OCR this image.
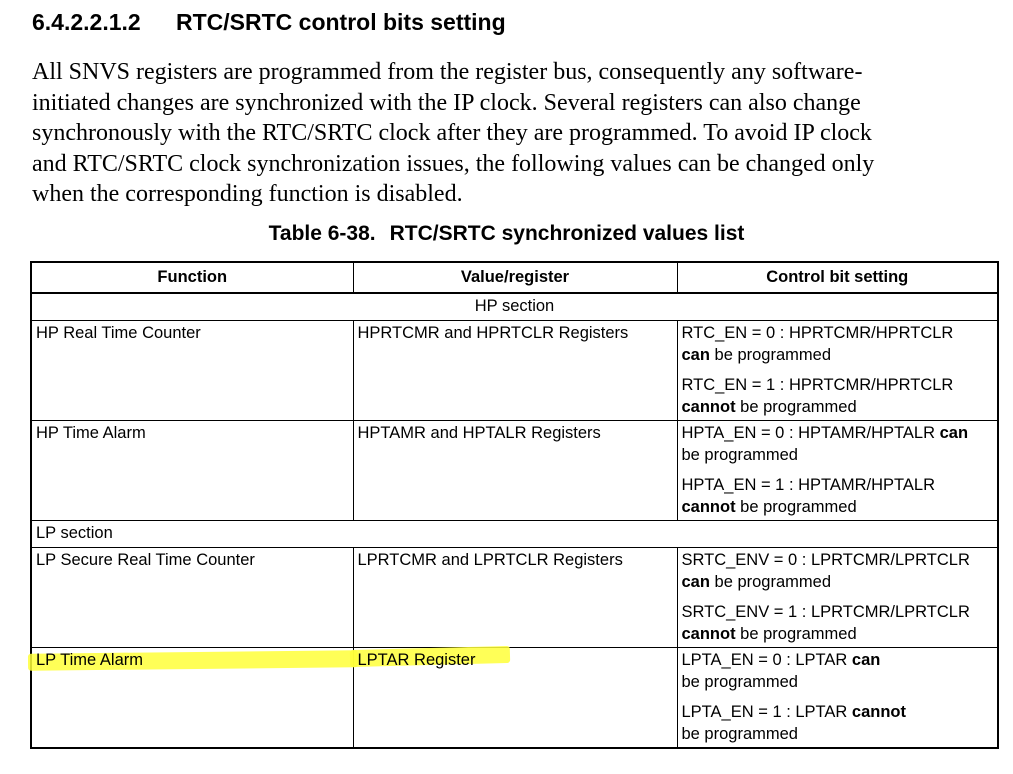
6.4.2.2.1.2 RTC/SRTC control bits setting
All SNVS registers are programmed from the register bus, consequently any software-
initiated changes are synchronized with the IP clock. Several registers can also change
synchronously with the RTC/SRTC clock after they are programmed. To avoid IP clock
and RTC/SRTC clock synchronization issues, the following values can be changed only
when the corresponding function is disabled.
Table 6-38. RTC/SRTC synchronized values list
Function	Value/register	Control bit setting
HP section		
HP Real Time Counter	HPRTCMR and HPRTCLR Registers	RTC_EN = 0 : HPRTCMR/HPRTCLR
can be programmed
RTC_EN = 1 : HPRTCMR/HPRTCLR
cannot be programmed

HP Time Alarm	HPTAMR and HPTALR Registers	HPTA_EN = 0 : HPTAMR/HPTALR can
be programmed
HPTA_EN = 1 : HPTAMR/HPTALR
cannot be programmed

LP section		
LP Secure Real Time Counter	LPRTCMR and LPRTCLR Registers	SRTC_ENV = 0 : LPRTCMR/LPRTCLR
can be programmed
SRTC_ENV = 1 : LPRTCMR/LPRTCLR
cannot be programmed

LP Time Alarm	LPTAR Register	LPTA_EN = 0 : LPTAR can
be programmed
LPTA_EN = 1 : LPTAR cannot
be programmed
